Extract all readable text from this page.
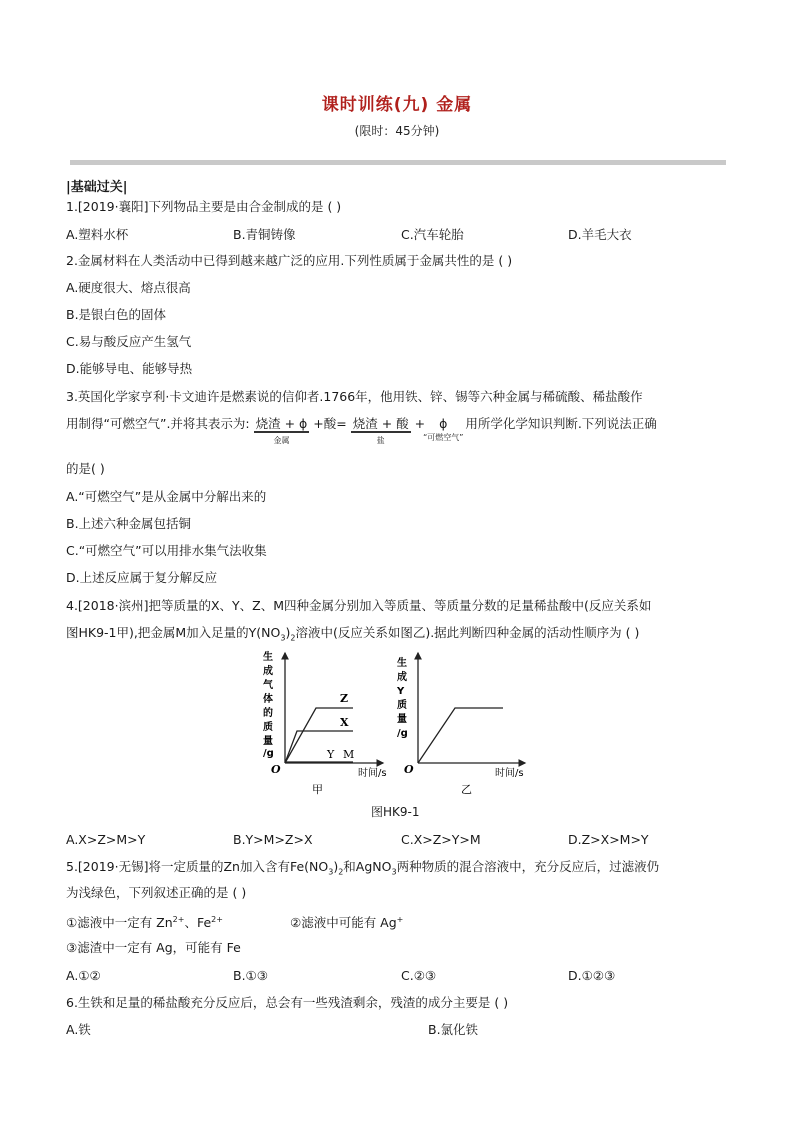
课时训练(九) 金属
(限时：45分钟)
|基础过关|
1.[2019·襄阳]下列物品主要是由合金制成的是 ( )
A.塑料水杯	B.青铜铸像	C.汽车轮胎	D.羊毛大衣
2.金属材料在人类活动中已得到越来越广泛的应用.下列性质属于金属共性的是 ( )
A.硬度很大、熔点很高
B.是银白色的固体
C.易与酸反应产生氢气
D.能够导电、能够导热
3.英国化学家亨利·卡文迪许是燃素说的信仰者.1766年，他用铁、锌、锡等六种金属与稀硫酸、稀盐酸作
用制得“可燃空气”.并将其表示为: 烧渣 + ϕ
金属
+酸= 烧渣 + 酸
盐
+ ϕ
“可燃空气”
用所学化学知识判断.下列说法正确
的是( )
A.“可燃空气”是从金属中分解出来的
B.上述六种金属包括铜
C.“可燃空气”可以用排水集气法收集
D.上述反应属于复分解反应
4.[2018·滨州]把等质量的X、Y、Z、M四种金属分别加入等质量、等质量分数的足量稀盐酸中(反应关系如
图HK9-1甲),把金属M加入足量的$Y(NO_3)_2$溶液中(反应关系如图乙).据此判断四种金属的活动性顺序为 ( )
Z
X
Y M
O	时间/s
生
成
气
体
的
质
量
/g
甲
O	时间/s
生
成
Y
质
量
/g
乙
图HK9-1
A.X>Z>M>Y	B.Y>M>Z>X	C.X>Z>Y>M	D.Z>X>M>Y
5.[2019·无锡]将一定质量的Zn加入含有$Fe(NO_3)_2$和AgNO$_3$两种物质的混合溶液中，充分反应后，过滤液仍
为浅绿色，下列叙述正确的是 ( )
①滤液中一定有 $Zn^{2+}$、$Fe^{2+}$	②滤液中可能有 Ag+
③滤渣中一定有 Ag，可能有 Fe
A.①②	B.①③	C.②③	D.①②③
6.生铁和足量的稀盐酸充分反应后，总会有一些残渣剩余，残渣的成分主要是 ( )
A.铁	B.氯化铁
